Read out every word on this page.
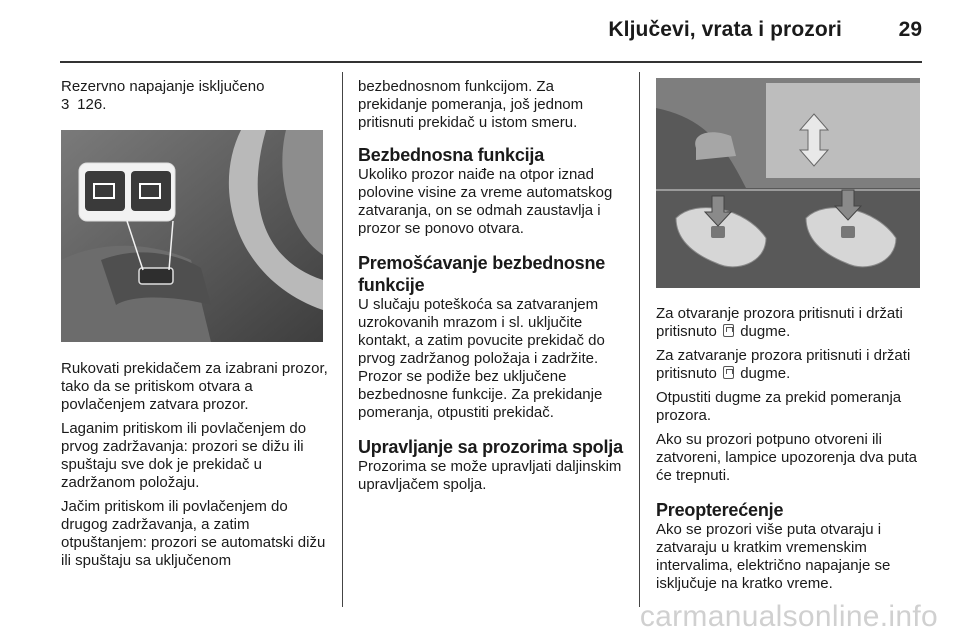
Ključevi, vrata i prozori	29

Rezervno napajanje isključeno

3 126.

Rukovati prekidačem za izabrani prozor, tako da se pritiskom otvara a povlačenjem zatvara prozor.

Laganim pritiskom ili povlačenjem do prvog zadržavanja: prozori se dižu ili spuštaju sve dok je prekidač u zadržanom položaju.

Jačim pritiskom ili povlačenjem do drugog zadržavanja, a zatim otpuštanjem: prozori se automatski dižu ili spuštaju sa uključenom

bezbednosnom funkcijom. Za prekidanje pomeranja, još jednom pritisnuti prekidač u istom smeru.

Bezbednosna funkcija

Ukoliko prozor naiđe na otpor iznad polovine visine za vreme automatskog zatvaranja, on se odmah zaustavlja i prozor se ponovo otvara.

Premošćavanje bezbednosne funkcije

U slučaju poteškoća sa zatvaranjem uzrokovanih mrazom i sl. uključite kontakt, a zatim povucite prekidač do prvog zadržanog položaja i zadržite. Prozor se podiže bez uključene bezbednosne funkcije. Za prekidanje pomeranja, otpustiti prekidač.

Upravljanje sa prozorima spolja

Prozorima se može upravljati daljinskim upravljačem spolja.

Za otvaranje prozora pritisnuti i držati pritisnuto dugme.

Za zatvaranje prozora pritisnuti i držati pritisnuto dugme.

Otpustiti dugme za prekid pomeranja prozora.

Ako su prozori potpuno otvoreni ili zatvoreni, lampice upozorenja dva puta će trepnuti.

Preopterećenje

Ako se prozori više puta otvaraju i zatvaraju u kratkim vremenskim intervalima, električno napajanje se isključuje na kratko vreme.

carmanualsonline.info
